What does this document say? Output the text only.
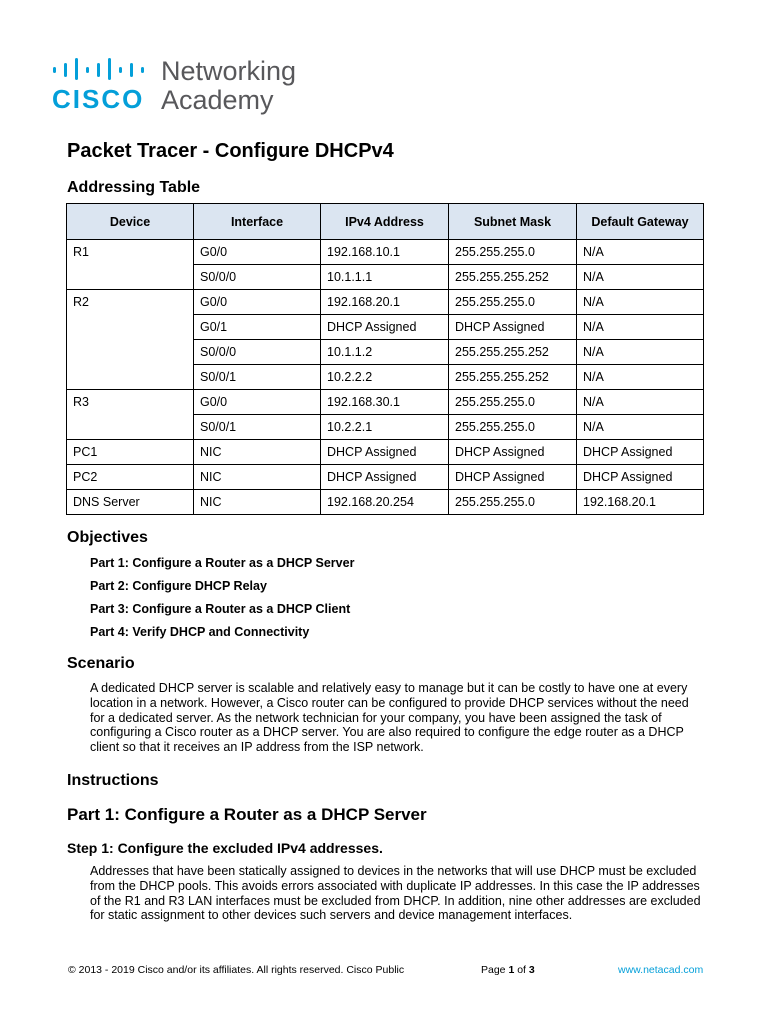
CISCO
Networking
Academy
Packet Tracer - Configure DHCPv4
Addressing Table
Device	Interface	IPv4 Address	Subnet Mask	Default Gateway
R1	G0/0	192.168.10.1	255.255.255.0	N/A
	S0/0/0	10.1.1.1	255.255.255.252	N/A
R2	G0/0	192.168.20.1	255.255.255.0	N/A
	G0/1	DHCP Assigned	DHCP Assigned	N/A
	S0/0/0	10.1.1.2	255.255.255.252	N/A
	S0/0/1	10.2.2.2	255.255.255.252	N/A
R3	G0/0	192.168.30.1	255.255.255.0	N/A
	S0/0/1	10.2.2.1	255.255.255.0	N/A
PC1	NIC	DHCP Assigned	DHCP Assigned	DHCP Assigned
PC2	NIC	DHCP Assigned	DHCP Assigned	DHCP Assigned
DNS Server	NIC	192.168.20.254	255.255.255.0	192.168.20.1
Objectives
Part 1: Configure a Router as a DHCP Server
Part 2: Configure DHCP Relay
Part 3: Configure a Router as a DHCP Client
Part 4: Verify DHCP and Connectivity
Scenario

A dedicated DHCP server is scalable and relatively easy to manage but it can be costly to have one at every location in a network. However, a Cisco router can be configured to provide DHCP services without the need for a dedicated server. As the network technician for your company, you have been assigned the task of configuring a Cisco router as a DHCP server. You are also required to configure the edge router as a DHCP client so that it receives an IP address from the ISP network.

Instructions
Part 1: Configure a Router as a DHCP Server
Step 1: Configure the excluded IPv4 addresses.

Addresses that have been statically assigned to devices in the networks that will use DHCP must be excluded from the DHCP pools. This avoids errors associated with duplicate IP addresses. In this case the IP addresses of the R1 and R3 LAN interfaces must be excluded from DHCP. In addition, nine other addresses are excluded for static assignment to other devices such servers and device management interfaces.

© 2013 - 2019 Cisco and/or its affiliates. All rights reserved. Cisco Public	Page 1 of 3	www.netacad.com
